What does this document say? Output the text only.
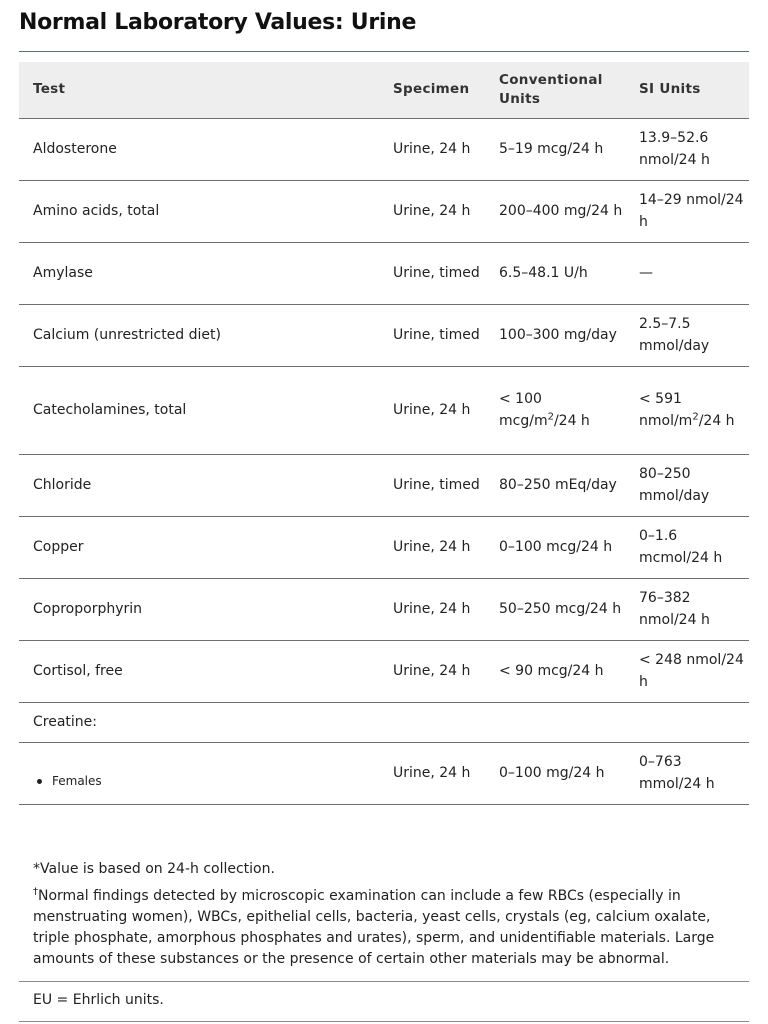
Normal Laboratory Values: Urine
Test	Specimen	Conventional Units	SI Units
Aldosterone	Urine, 24 h	5–19 mcg/24 h	13.9–52.6 nmol/24 h
Amino acids, total	Urine, 24 h	200–400 mg/24 h	14–29 nmol/24 h
Amylase	Urine, timed	6.5–48.1 U/h	—
Calcium (unrestricted diet)	Urine, timed	100–300 mg/day	2.5–7.5 mmol/day
Catecholamines, total	Urine, 24 h	< 100 mcg/$m^2/24$ h	< 591 nmol/$m^2/24$ h
Chloride	Urine, timed	80–250 mEq/day	80–250 mmol/day
Copper	Urine, 24 h	0–100 mcg/24 h	0–1.6 mcmol/24 h
Coproporphyrin	Urine, 24 h	50–250 mcg/24 h	76–382 nmol/24 h
Cortisol, free	Urine, 24 h	< 90 mcg/24 h	< 248 nmol/24 h
Creatine:			

Females	Urine, 24 h	0–100 mg/24 h	0–763 mmol/24 h

*Value is based on 24-h collection.

†Normal findings detected by microscopic examination can include a few RBCs (especially in menstruating women), WBCs, epithelial cells, bacteria, yeast cells, crystals (eg, calcium oxalate, triple phosphate, amorphous phosphates and urates), sperm, and unidentifiable materials. Large amounts of these substances or the presence of certain other materials may be abnormal.

EU = Ehrlich units.
